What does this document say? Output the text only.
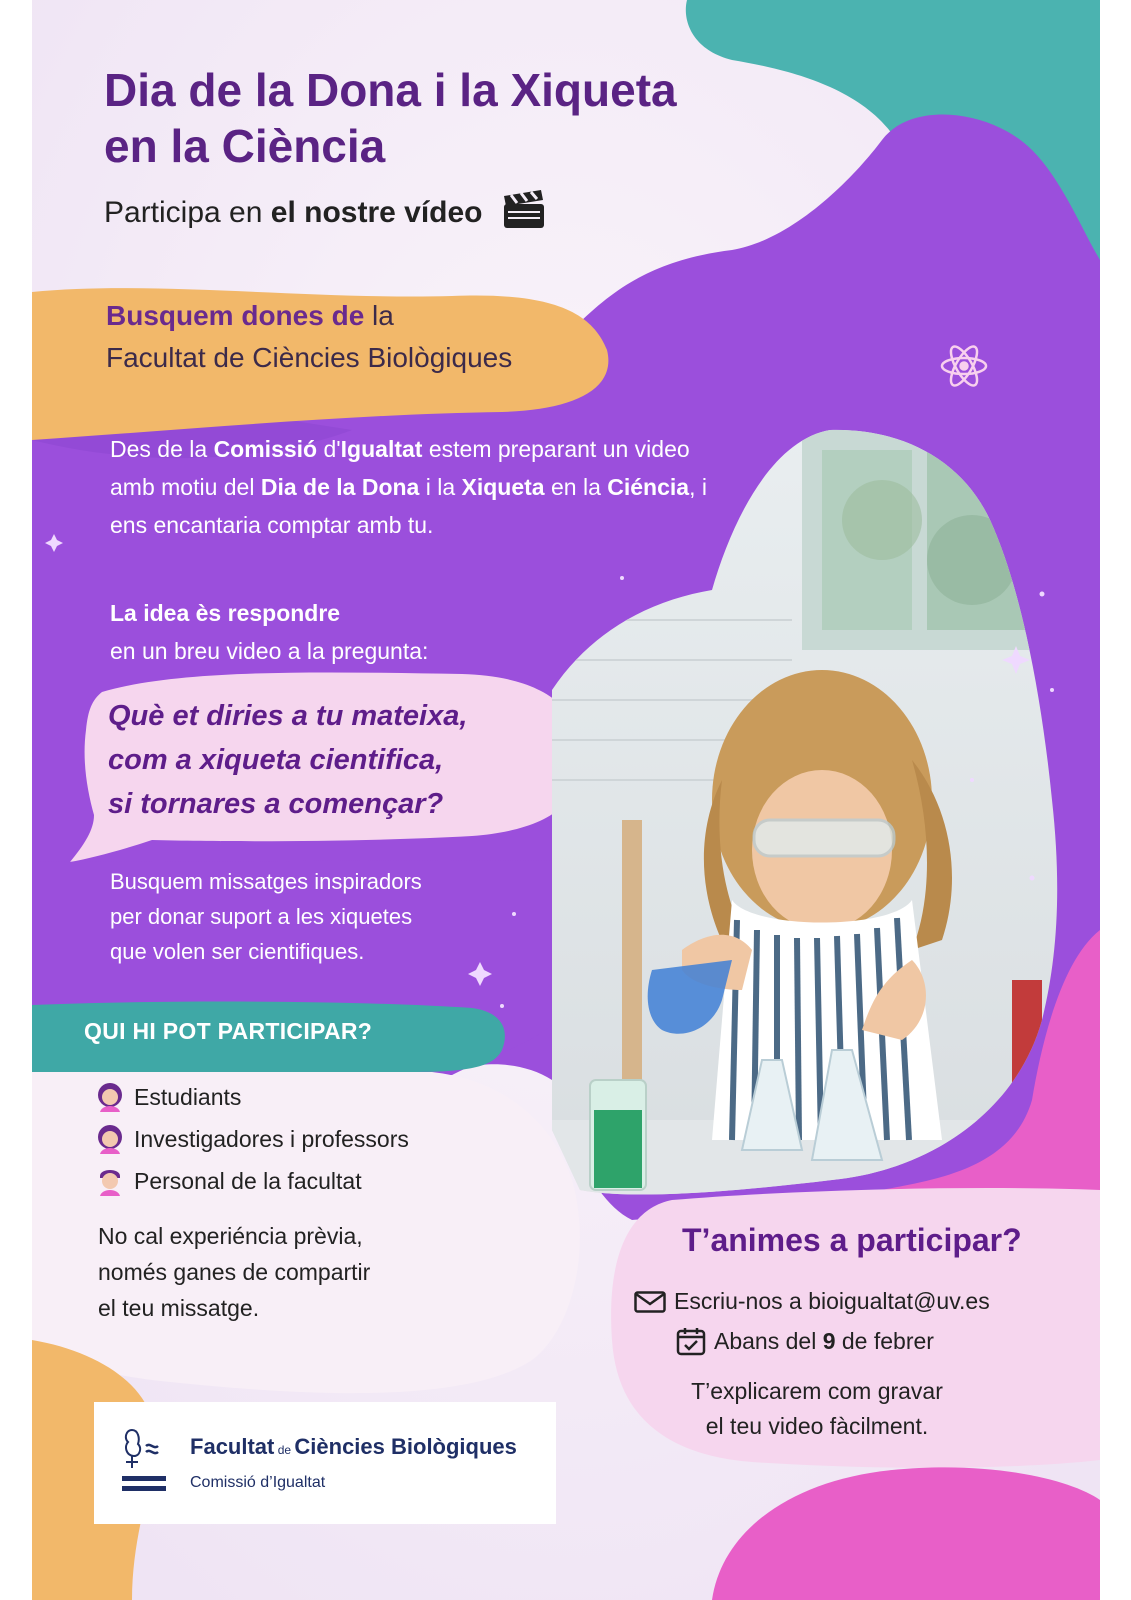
Dia de la Dona i la Xiqueta en la Ciència
Participa en el nostre vídeo
Busquem dones de la
Facultat de Ciències Biològiques
Des de la Comissió d'Igualtat estem preparant un video amb motiu del Dia de la Dona i la Xiqueta en la Ciéncia, i ens encantaria comptar amb tu.
La idea ès respondre
en un breu video a la pregunta:
Què et diries a tu mateixa,
com a xiqueta cientifica,
si tornares a començar?
Busquem missatges inspiradors
per donar suport a les xiquetes
que volen ser cientifiques.
QUI HI POT PARTICIPAR?
Estudiants
Investigadores i professors
Personal de la facultat
No cal experiéncia prèvia,
només ganes de compartir
el teu missatge.
T’animes a participar?
Escriu-nos a bioigualtat@uv.es
Abans del
9
de febrer
T’explicarem com gravar
el teu video fàcilment.
Facultat de Ciències Biològiques
Comissió d’Igualtat
